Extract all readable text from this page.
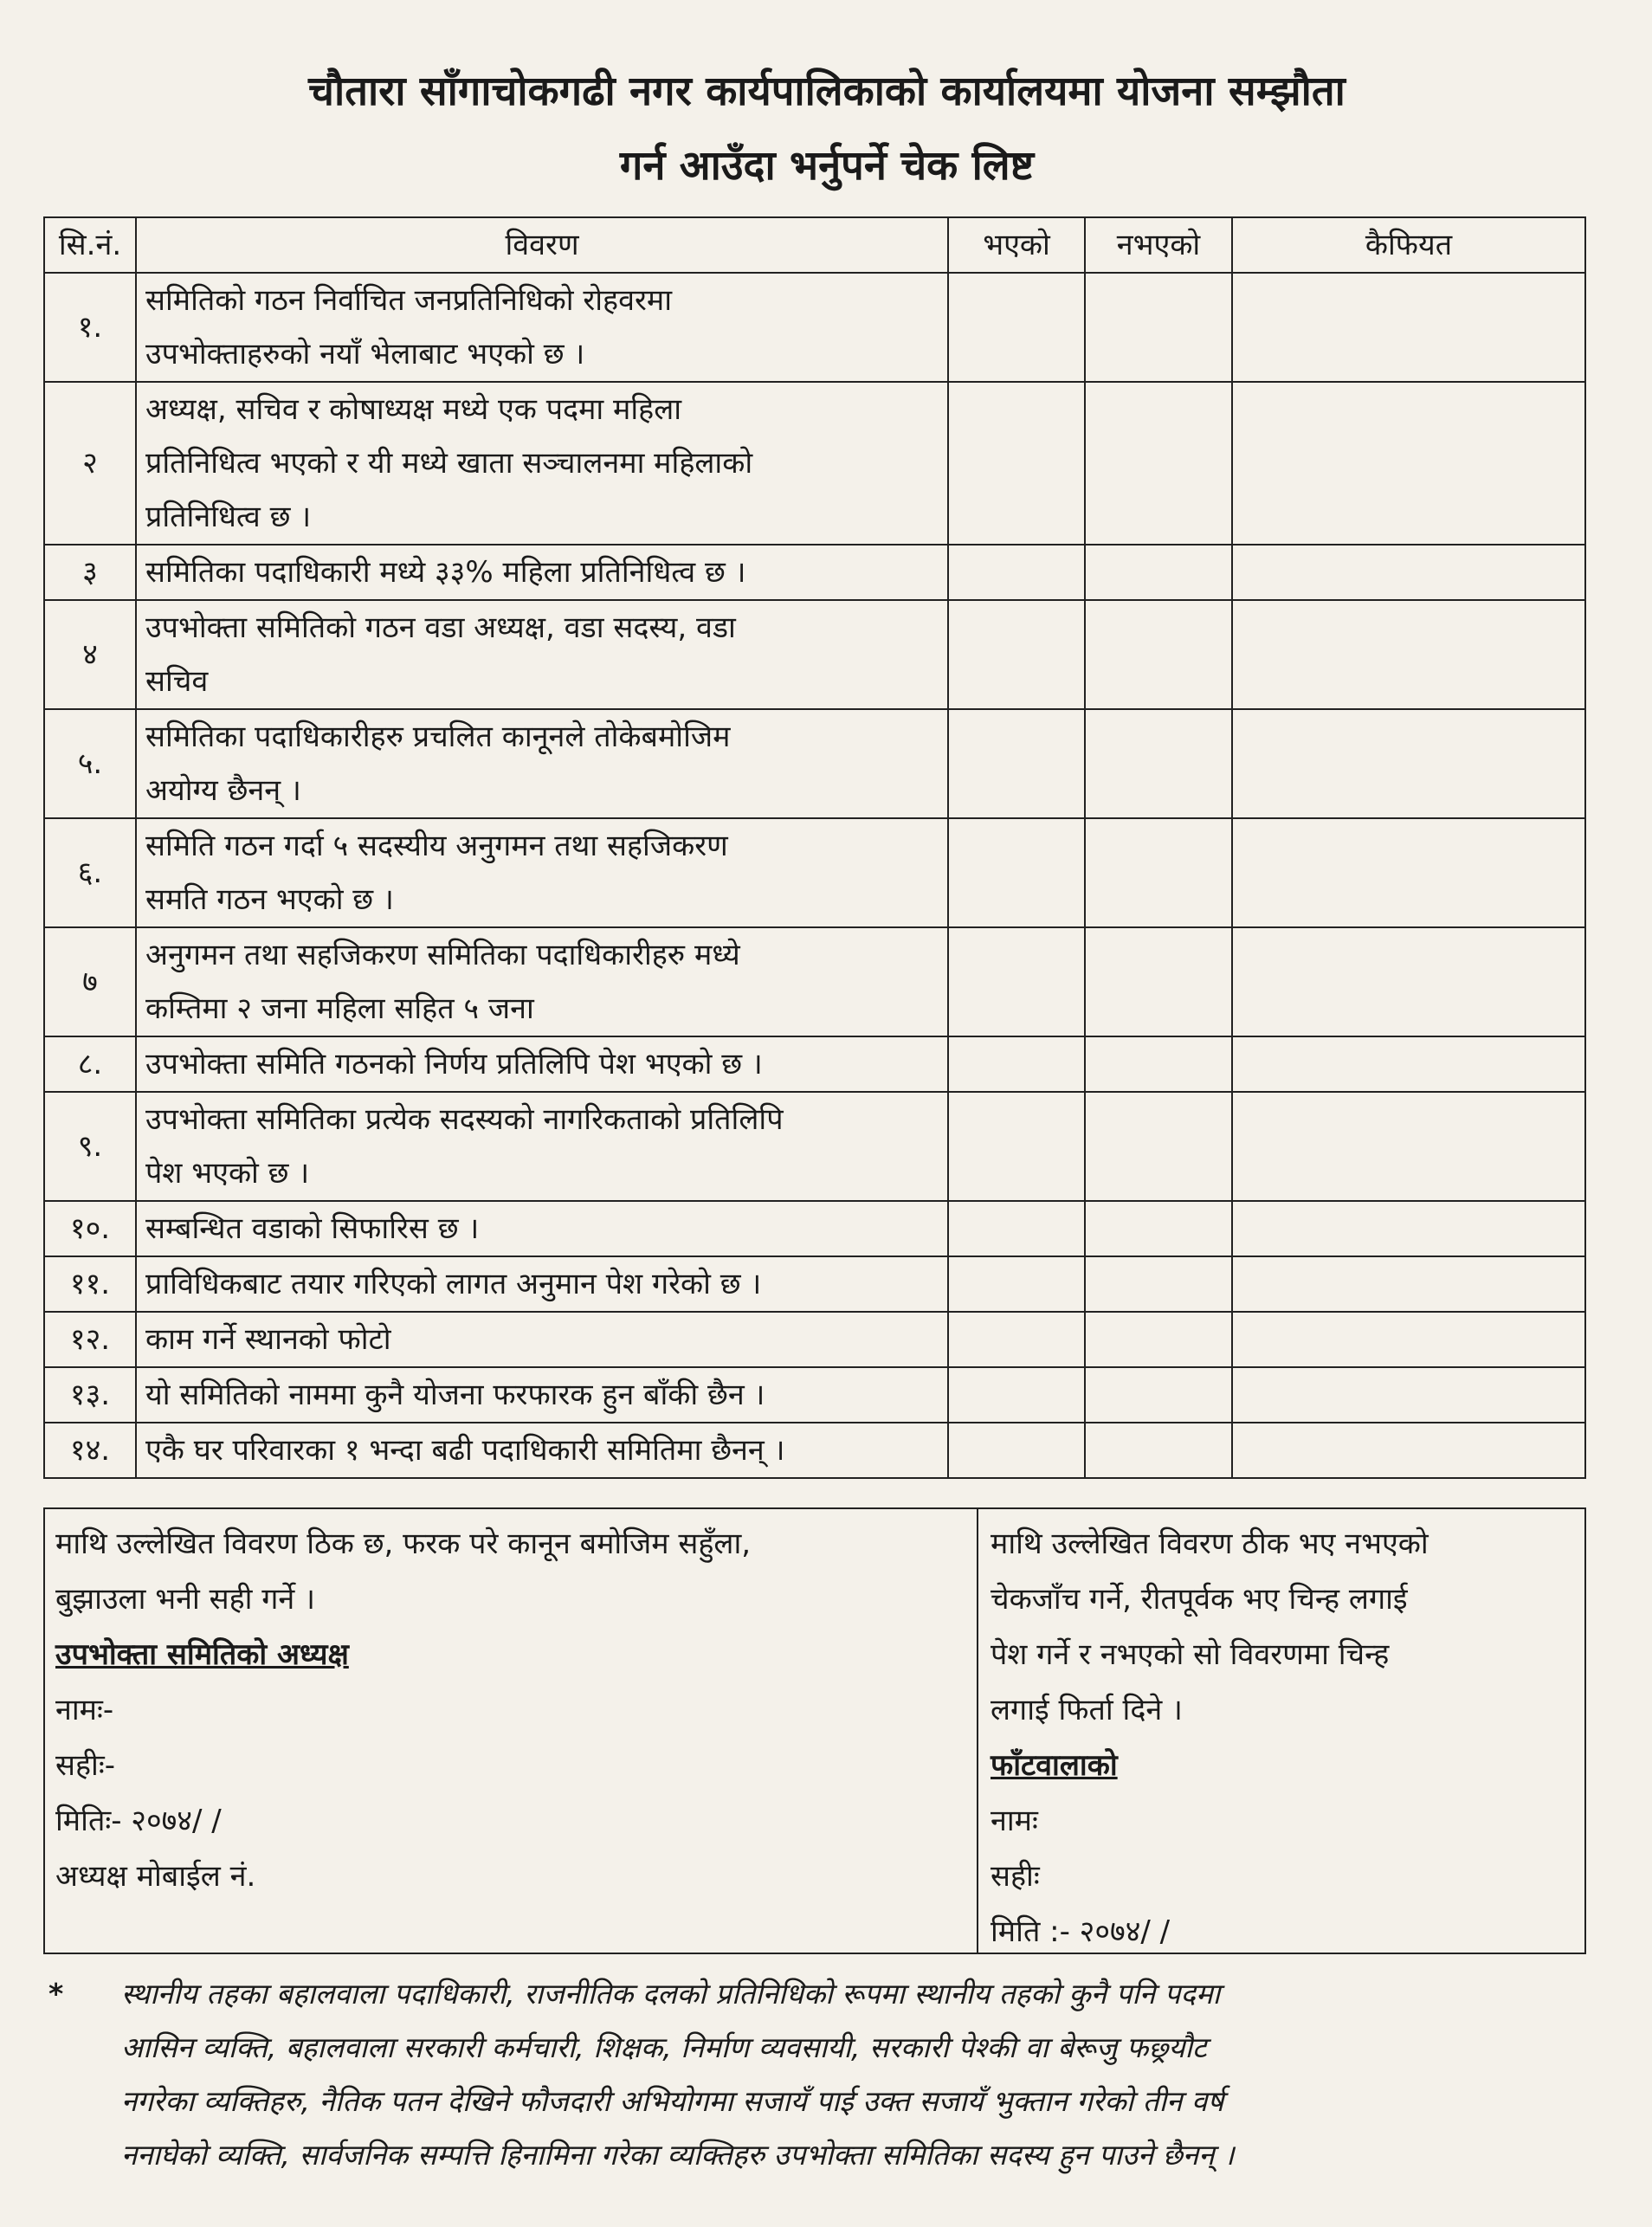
चौतारा साँगाचोकगढी नगर कार्यपालिकाको कार्यालयमा योजना सम्झौता
गर्न आउँदा भर्नुपर्ने चेक लिष्ट
सि.नं.	विवरण	भएको	नभएको	कैफियत
१.	समितिको गठन निर्वाचित जनप्रतिनिधिको रोहवरमा
उपभोक्ताहरुको नयाँ भेलाबाट भएको छ ।			

२	अध्यक्ष, सचिव र कोषाध्यक्ष मध्ये एक पदमा महिला
प्रतिनिधित्व भएको र यी मध्ये खाता सञ्चालनमा महिलाको
प्रतिनिधित्व छ ।			

३	समितिका पदाधिकारी मध्ये ३३% महिला प्रतिनिधित्व छ ।			

४	उपभोक्ता समितिको गठन वडा अध्यक्ष, वडा सदस्य, वडा
सचिव			

५.	समितिका पदाधिकारीहरु प्रचलित कानूनले तोकेबमोजिम
अयोग्य छैनन् ।			

६.	समिति गठन गर्दा ५ सदस्यीय अनुगमन तथा सहजिकरण
समति गठन भएको छ ।			

७	अनुगमन तथा सहजिकरण समितिका पदाधिकारीहरु मध्ये
कम्तिमा २ जना महिला सहित ५ जना			

८.	उपभोक्ता समिति गठनको निर्णय प्रतिलिपि पेश भएको छ ।			

९.	उपभोक्ता समितिका प्रत्येक सदस्यको नागरिकताको प्रतिलिपि
पेश भएको छ ।			

१०.	सम्बन्धित वडाको सिफारिस छ ।			

११.	प्राविधिकबाट तयार गरिएको लागत अनुमान पेश गरेको छ ।			

१२.	काम गर्ने स्थानको फोटो			

१३.	यो समितिको नाममा कुनै योजना फरफारक हुन बाँकी छैन ।			

१४.	एकै घर परिवारका १ भन्दा बढी पदाधिकारी समितिमा छैनन् ।			

माथि उल्लेखित विवरण ठिक छ, फरक परे कानून बमोजिम सहुँला,
बुझाउला भनी सही गर्ने ।
उपभोक्ता समितिको अध्यक्ष
नामः-
सहीः-
मितिः- २०७४/ /
अध्यक्ष मोबाईल नं.
माथि उल्लेखित विवरण ठीक भए नभएको
चेकजाँच गर्ने, रीतपूर्वक भए चिन्ह लगाई
पेश गर्ने र नभएको सो विवरणमा चिन्ह
लगाई फिर्ता दिने ।
फाँटवालाको
नामः
सहीः
मिति :- २०७४/ /
* स्थानीय तहका बहालवाला पदाधिकारी, राजनीतिक दलको प्रतिनिधिको रूपमा स्थानीय तहको कुनै पनि पदमा
आसिन व्यक्ति, बहालवाला सरकारी कर्मचारी, शिक्षक, निर्माण व्यवसायी, सरकारी पेश्की वा बेरूजु फछ्र्यौट
नगरेका व्यक्तिहरु, नैतिक पतन देखिने फौजदारी अभियोगमा सजायँ पाई उक्त सजायँ भुक्तान गरेको तीन वर्ष
ननाघेको व्यक्ति, सार्वजनिक सम्पत्ति हिनामिना गरेका व्यक्तिहरु उपभोक्ता समितिका सदस्य हुन पाउने छैनन् ।
